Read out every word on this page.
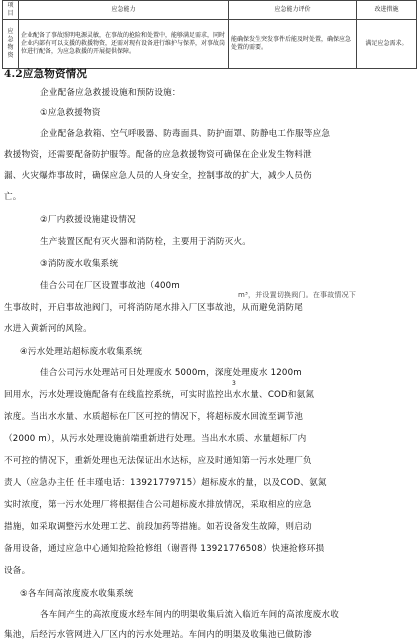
项目	应急能力	应急能力评价	改进措施
应急物资	企业配备了事故照明电源灵敏，在事故的抢险和处置中，能够满足需求，同时企业内部有可以支援的救援物资，还需对现有设备进行维护与保养，对事故岗位进行配备，为应急救援的开展提供保障。	能确保发生突发事件后能及时处置，确保应急处置的需要。	满足应急需求。
4.2应急物资情况
企业配备应急救援设施和预防设施：
①应急救援物资
企业配备急救箱、空气呼吸器、防毒面具、防护面罩、防静电工作服等应急
救援物资，还需要配备防护服等。配备的应急救援物资可确保在企业发生物料泄
漏、火灾爆炸事故时，确保应急人员的人身安全，控制事故的扩大，减少人员伤
亡。
②厂内救援设施建设情况
生产装置区配有灭火器和消防栓，主要用于消防灭火。
③消防废水收集系统
佳合公司在厂区设置事故池（400m
m³，并设置切换阀门。在事故情况下
生事故时，开启事故池阀门，可将消防尾水排入厂区事故池，从而避免消防尾
水进入黄新河的风险。
④污水处理站超标废水收集系统
佳合公司污水处理站可日处理废水 5000m，深度处理废水 1200m
3
回用水，污水处理设施配备有在线监控系统，可实时监控出水水量、COD和氨氮
浓度。当出水水量、水质超标在厂区可控的情况下，将超标废水回流至调节池
（2000 m），从污水处理设施前端重新进行处理。当出水水质、水量超标厂内
不可控的情况下，重新处理也无法保证出水达标，应及时通知第一污水处理厂负
责人（应急办主任 任丰瑾电话：13921779715）超标废水的量，以及COD、氨氮
实时浓度，第一污水处理厂将根据佳合公司超标废水排放情况，采取相应的应急
措施，如采取调整污水处理工艺、前段加药等措施。如若设备发生故障，则启动
备用设备，通过应急中心通知抢险抢修组（谢晋得 13921776508）快速抢修环损
设备。
⑤各车间高浓度废水收集系统
各车间产生的高浓度废水经车间内的明渠收集后流入临近车间的高浓度废水收
集池，后经污水管网进入厂区内的污水处理站。车间内的明渠及收集池已做防渗
